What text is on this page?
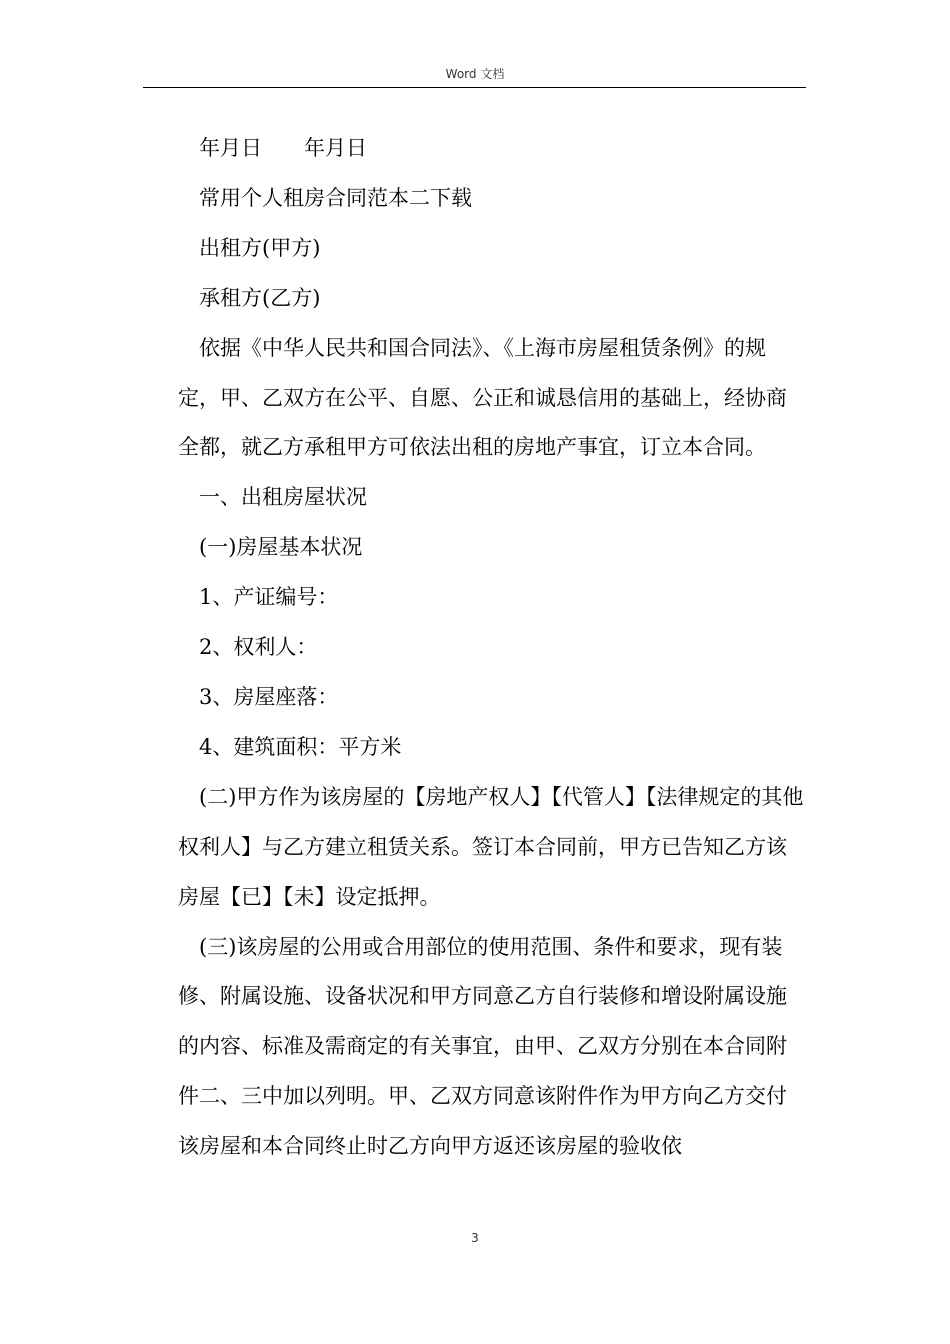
Word 文档

年月日 年月日

常用个人租房合同范本二下载

出租方(甲方)

承租方(乙方)

依据《中华人民共和国合同法》、《上海市房屋租赁条例》的规定，甲、乙双方在公平、自愿、公正和诚恳信用的基础上，经协商全都，就乙方承租甲方可依法出租的房地产事宜，订立本合同。

一、出租房屋状况

(一)房屋基本状况

1、产证编号：

2、权利人：

3、房屋座落：

4、建筑面积：平方米

(二)甲方作为该房屋的【房地产权人】【代管人】【法律规定的其他权利人】与乙方建立租赁关系。签订本合同前，甲方已告知乙方该房屋【已】【未】设定抵押。

(三)该房屋的公用或合用部位的使用范围、条件和要求，现有装修、附属设施、设备状况和甲方同意乙方自行装修和增设附属设施的内容、标准及需商定的有关事宜，由甲、乙双方分别在本合同附件二、三中加以列明。甲、乙双方同意该附件作为甲方向乙方交付该房屋和本合同终止时乙方向甲方返还该房屋的验收依

3
